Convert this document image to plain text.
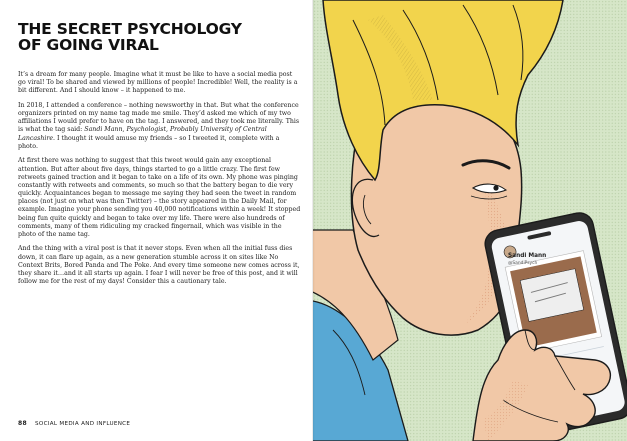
THE SECRET PSYCHOLOGY
OF GOING VIRAL

It’s a dream for many people. Imagine what it must be like to have a social media post go viral! To be shared and viewed by millions of people! Incredible! Well, the reality is a bit different. And I should know – it happened to me.

In 2018, I attended a conference – nothing newsworthy in that. But what the conference organizers printed on my name tag made me smile. They’d asked me which of my two affiliations I would prefer to have on the tag. I answered, and they took me literally. This is what the tag said: Sandi Mann, Psychologist, Probably University of Central Lancashire. I thought it would amuse my friends – so I tweeted it, complete with a photo.

At first there was nothing to suggest that this tweet would gain any exceptional attention. But after about five days, things started to go a little crazy. The first few retweets gained traction and it began to take on a life of its own. My phone was pinging constantly with retweets and comments, so much so that the battery began to die very quickly. Acquaintances began to message me saying they had seen the tweet in random places (not just on what was then Twitter) – the story appeared in the Daily Mail, for example. Imagine your phone sending you 40,000 notifications within a week! It stopped being fun quite quickly and began to take over my life. There were also hundreds of comments, many of them ridiculing my cracked fingernail, which was visible in the photo of the name tag.

And the thing with a viral post is that it never stops. Even when all the initial fuss dies down, it can flare up again, as a new generation stumble across it on sites like No Context Brits, Bored Panda and The Poke. And every time someone new comes across it, they share it…and it all starts up again. I fear I will never be free of this post, and it will follow me for the rest of my days! Consider this a cautionary tale.

88 SOCIAL MEDIA AND INFLUENCE
Sandi Mann
@SandiPsych
